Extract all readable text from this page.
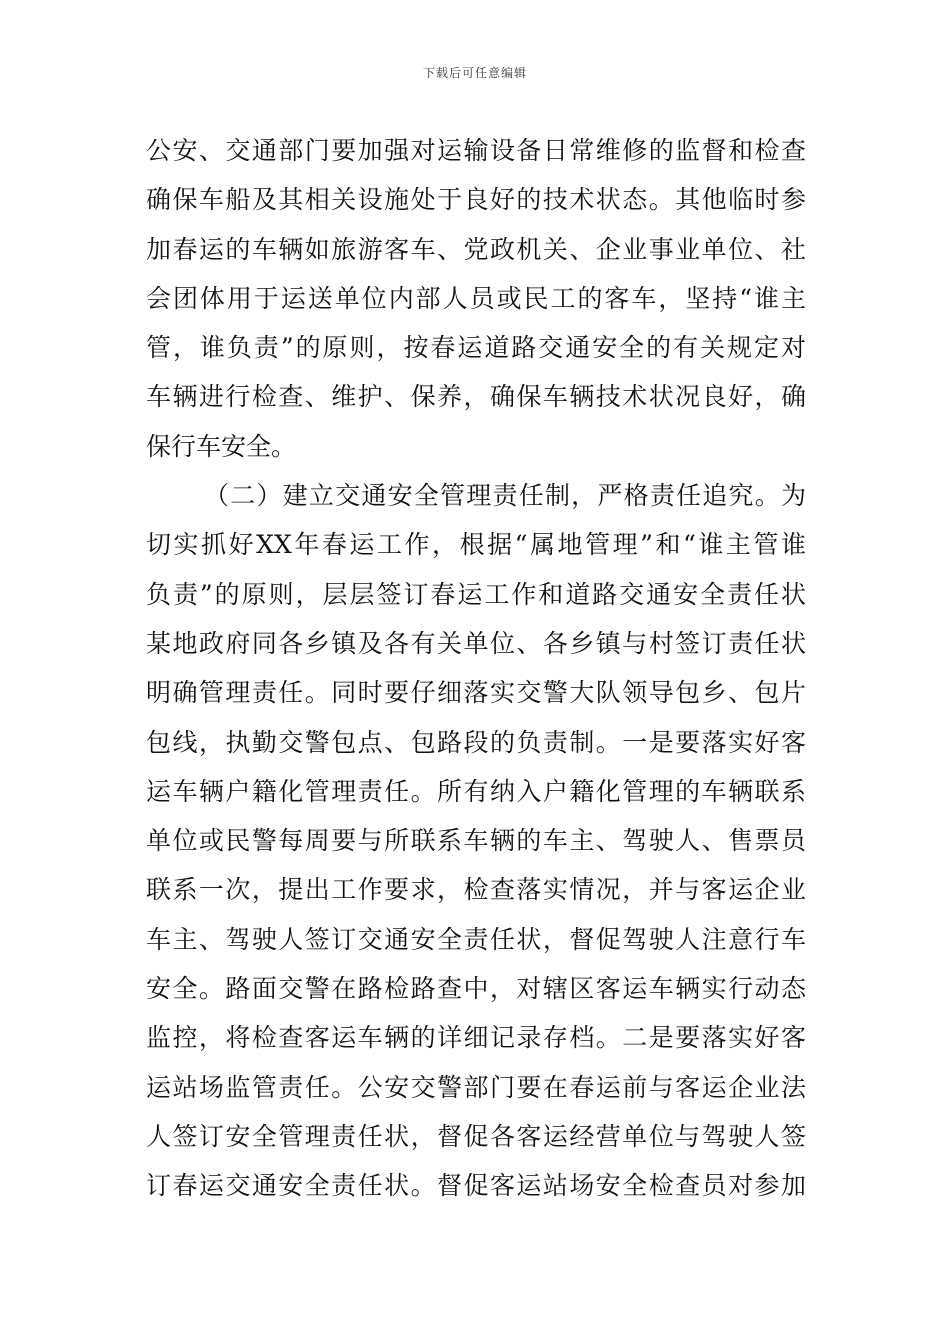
下载后可任意编辑
公安、交通部门要加强对运输设备日常维修的监督和检查
确保车船及其相关设施处于良好的技术状态。其他临时参
加春运的车辆如旅游客车、党政机关、企业事业单位、社
会团体用于运送单位内部人员或民工的客车，坚持“谁主
管，谁负责”的原则，按春运道路交通安全的有关规定对
车辆进行检查、维护、保养，确保车辆技术状况良好，确
保行车安全。
（二）建立交通安全管理责任制，严格责任追究。为
切实抓好XX年春运工作，根据“属地管理”和“谁主管谁
负责”的原则，层层签订春运工作和道路交通安全责任状
某地政府同各乡镇及各有关单位、各乡镇与村签订责任状
明确管理责任。同时要仔细落实交警大队领导包乡、包片
包线，执勤交警包点、包路段的负责制。一是要落实好客
运车辆户籍化管理责任。所有纳入户籍化管理的车辆联系
单位或民警每周要与所联系车辆的车主、驾驶人、售票员
联系一次，提出工作要求，检查落实情况，并与客运企业
车主、驾驶人签订交通安全责任状，督促驾驶人注意行车
安全。路面交警在路检路查中，对辖区客运车辆实行动态
监控，将检查客运车辆的详细记录存档。二是要落实好客
运站场监管责任。公安交警部门要在春运前与客运企业法
人签订安全管理责任状，督促各客运经营单位与驾驶人签
订春运交通安全责任状。督促客运站场安全检查员对参加
